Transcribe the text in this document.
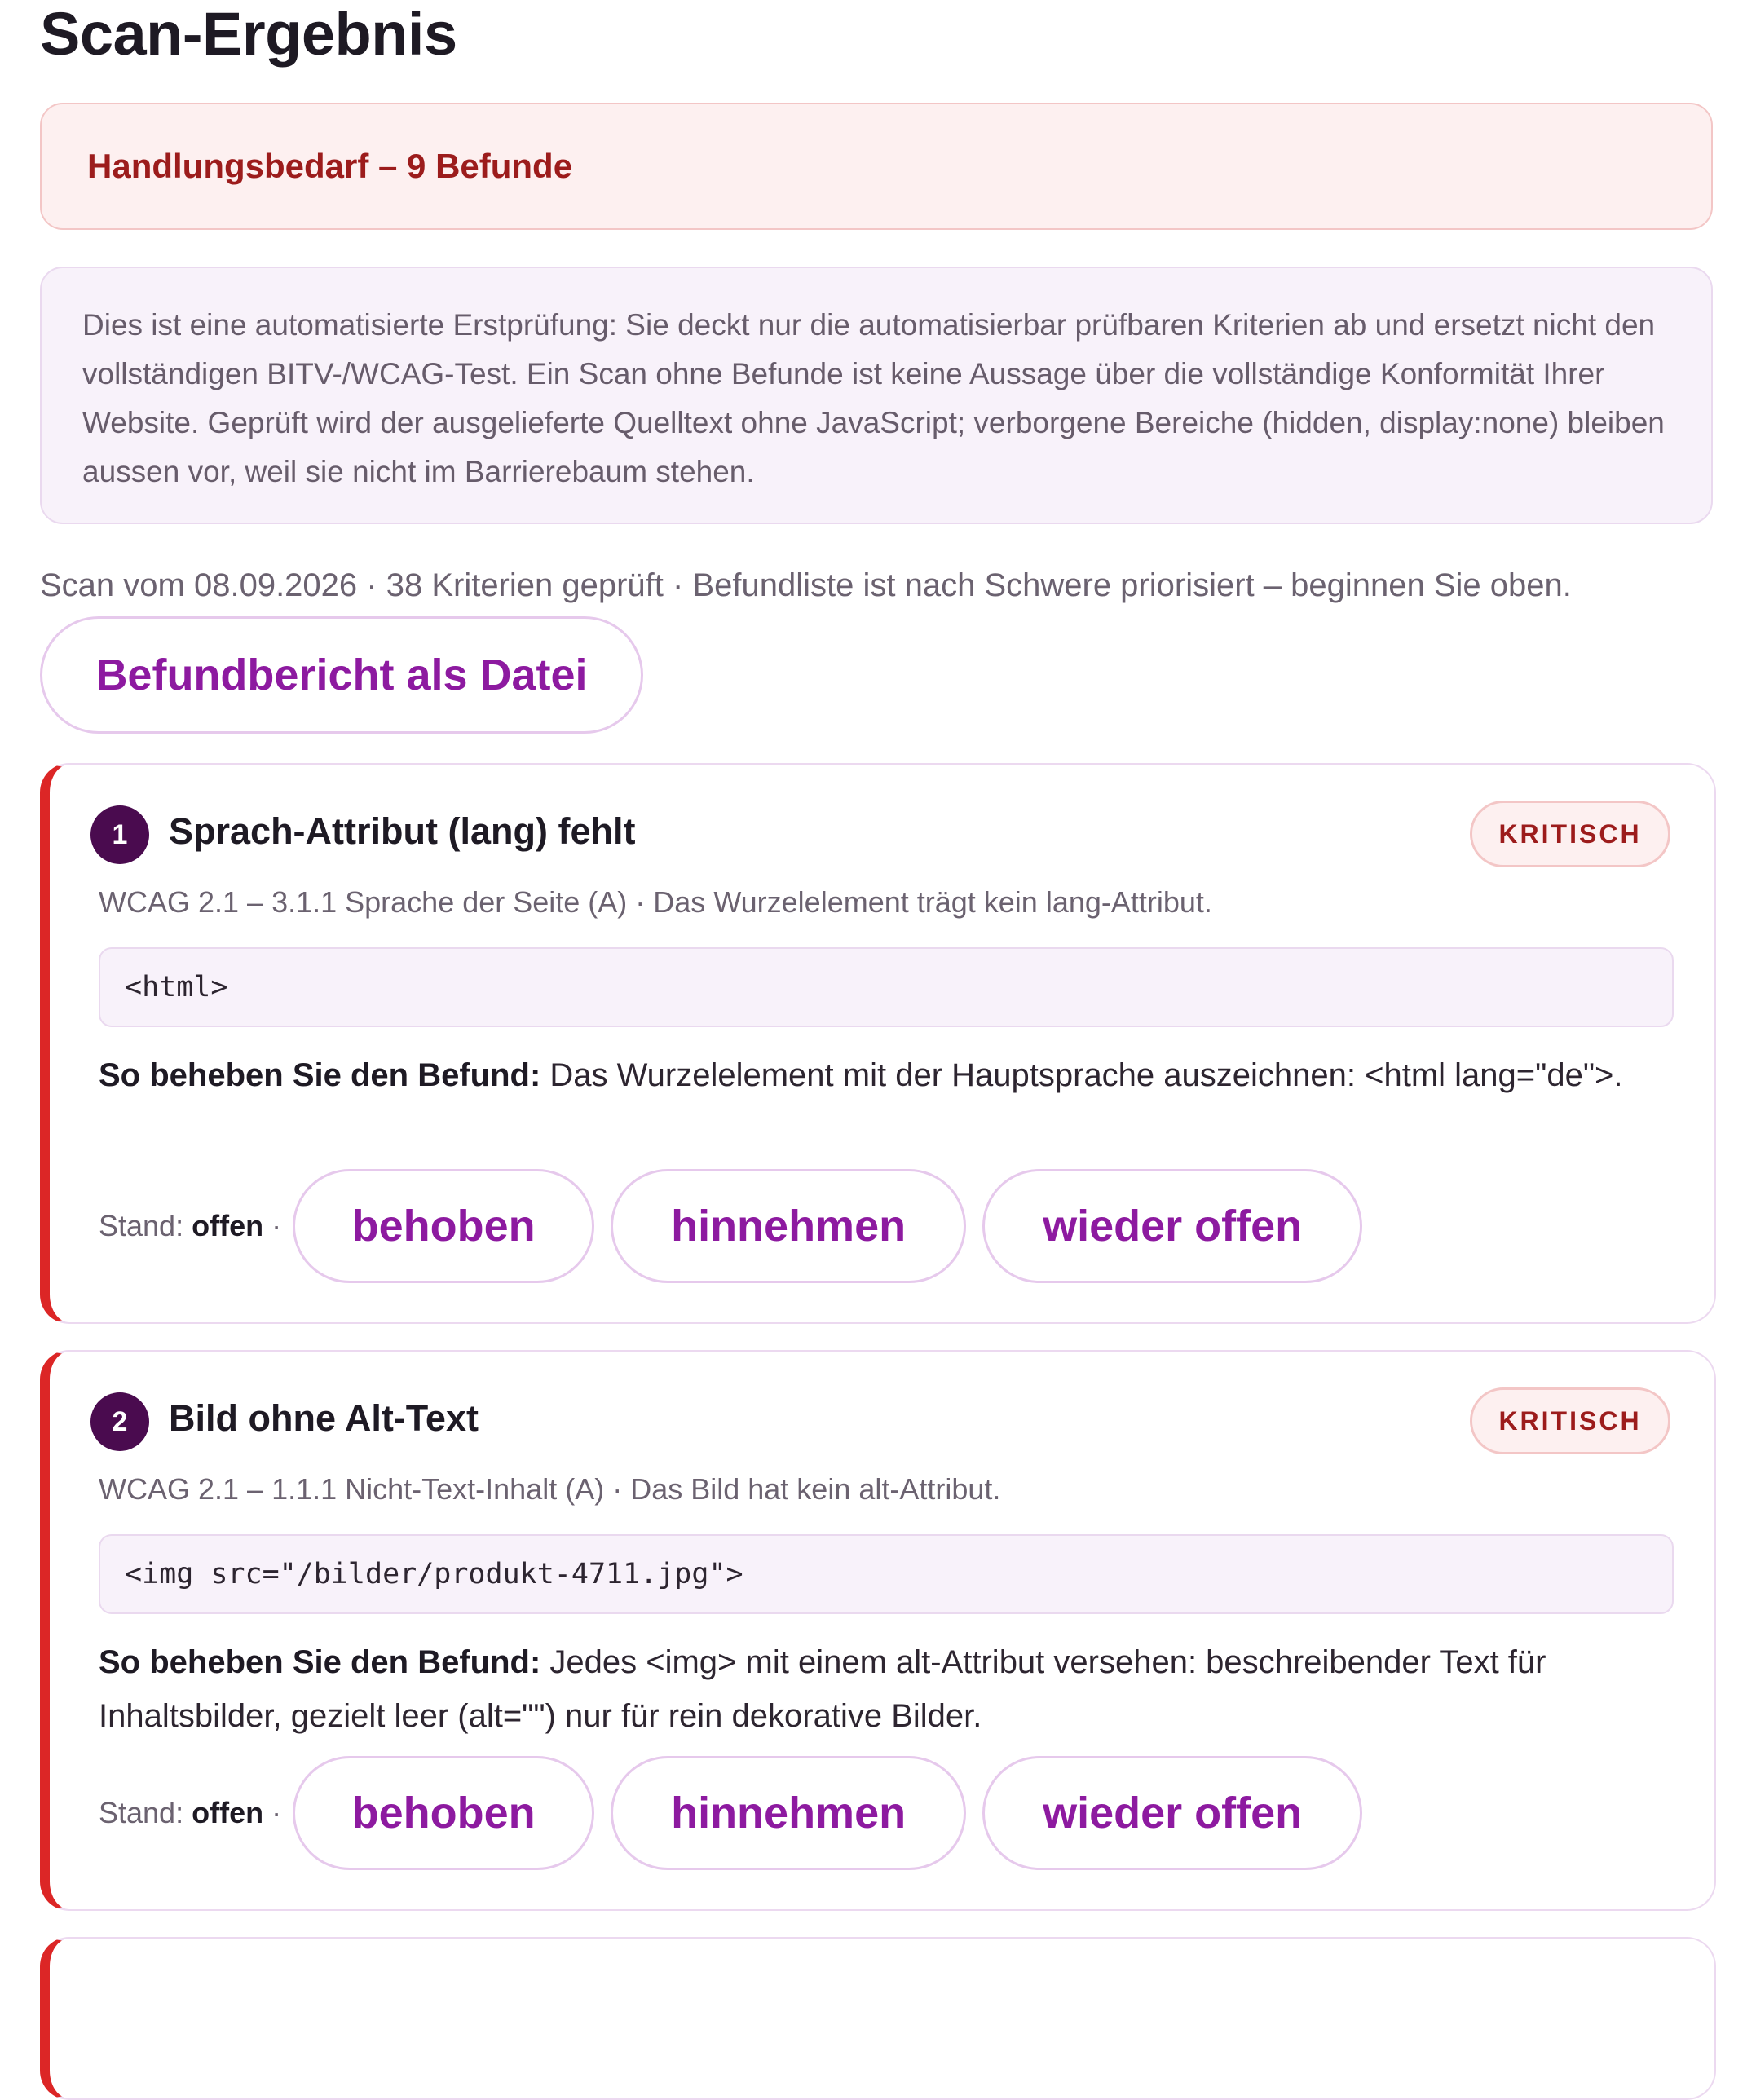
Scan-Ergebnis
Handlungsbedarf – 9 Befunde
Dies ist eine automatisierte Erstprüfung: Sie deckt nur die automatisierbar prüfbaren Kriterien ab und ersetzt nicht den vollständigen BITV-/WCAG-Test. Ein Scan ohne Befunde ist keine Aussage über die vollständige Konformität Ihrer Website. Geprüft wird der ausgelieferte Quelltext ohne JavaScript; verborgene Bereiche (hidden, display:none) bleiben aussen vor, weil sie nicht im Barrierebaum stehen.
Scan vom 08.09.2026 · 38 Kriterien geprüft · Befundliste ist nach Schwere priorisiert – beginnen Sie oben.
Befundbericht als Datei
1	Sprach-Attribut (lang) fehlt	KRITISCH
WCAG 2.1 – 3.1.1 Sprache der Seite (A) · Das Wurzelelement trägt kein lang-Attribut.
<html>
So beheben Sie den Befund: Das Wurzelelement mit der Hauptsprache auszeichnen: <html lang="de">.
Stand: offen ·	behoben	hinnehmen	wieder offen
2	Bild ohne Alt-Text	KRITISCH
WCAG 2.1 – 1.1.1 Nicht-Text-Inhalt (A) · Das Bild hat kein alt-Attribut.
<img src="/bilder/produkt-4711.jpg">
So beheben Sie den Befund: Jedes <img> mit einem alt-Attribut versehen: beschreibender Text für Inhaltsbilder, gezielt leer (alt="") nur für rein dekorative Bilder.
Stand: offen ·	behoben	hinnehmen	wieder offen
